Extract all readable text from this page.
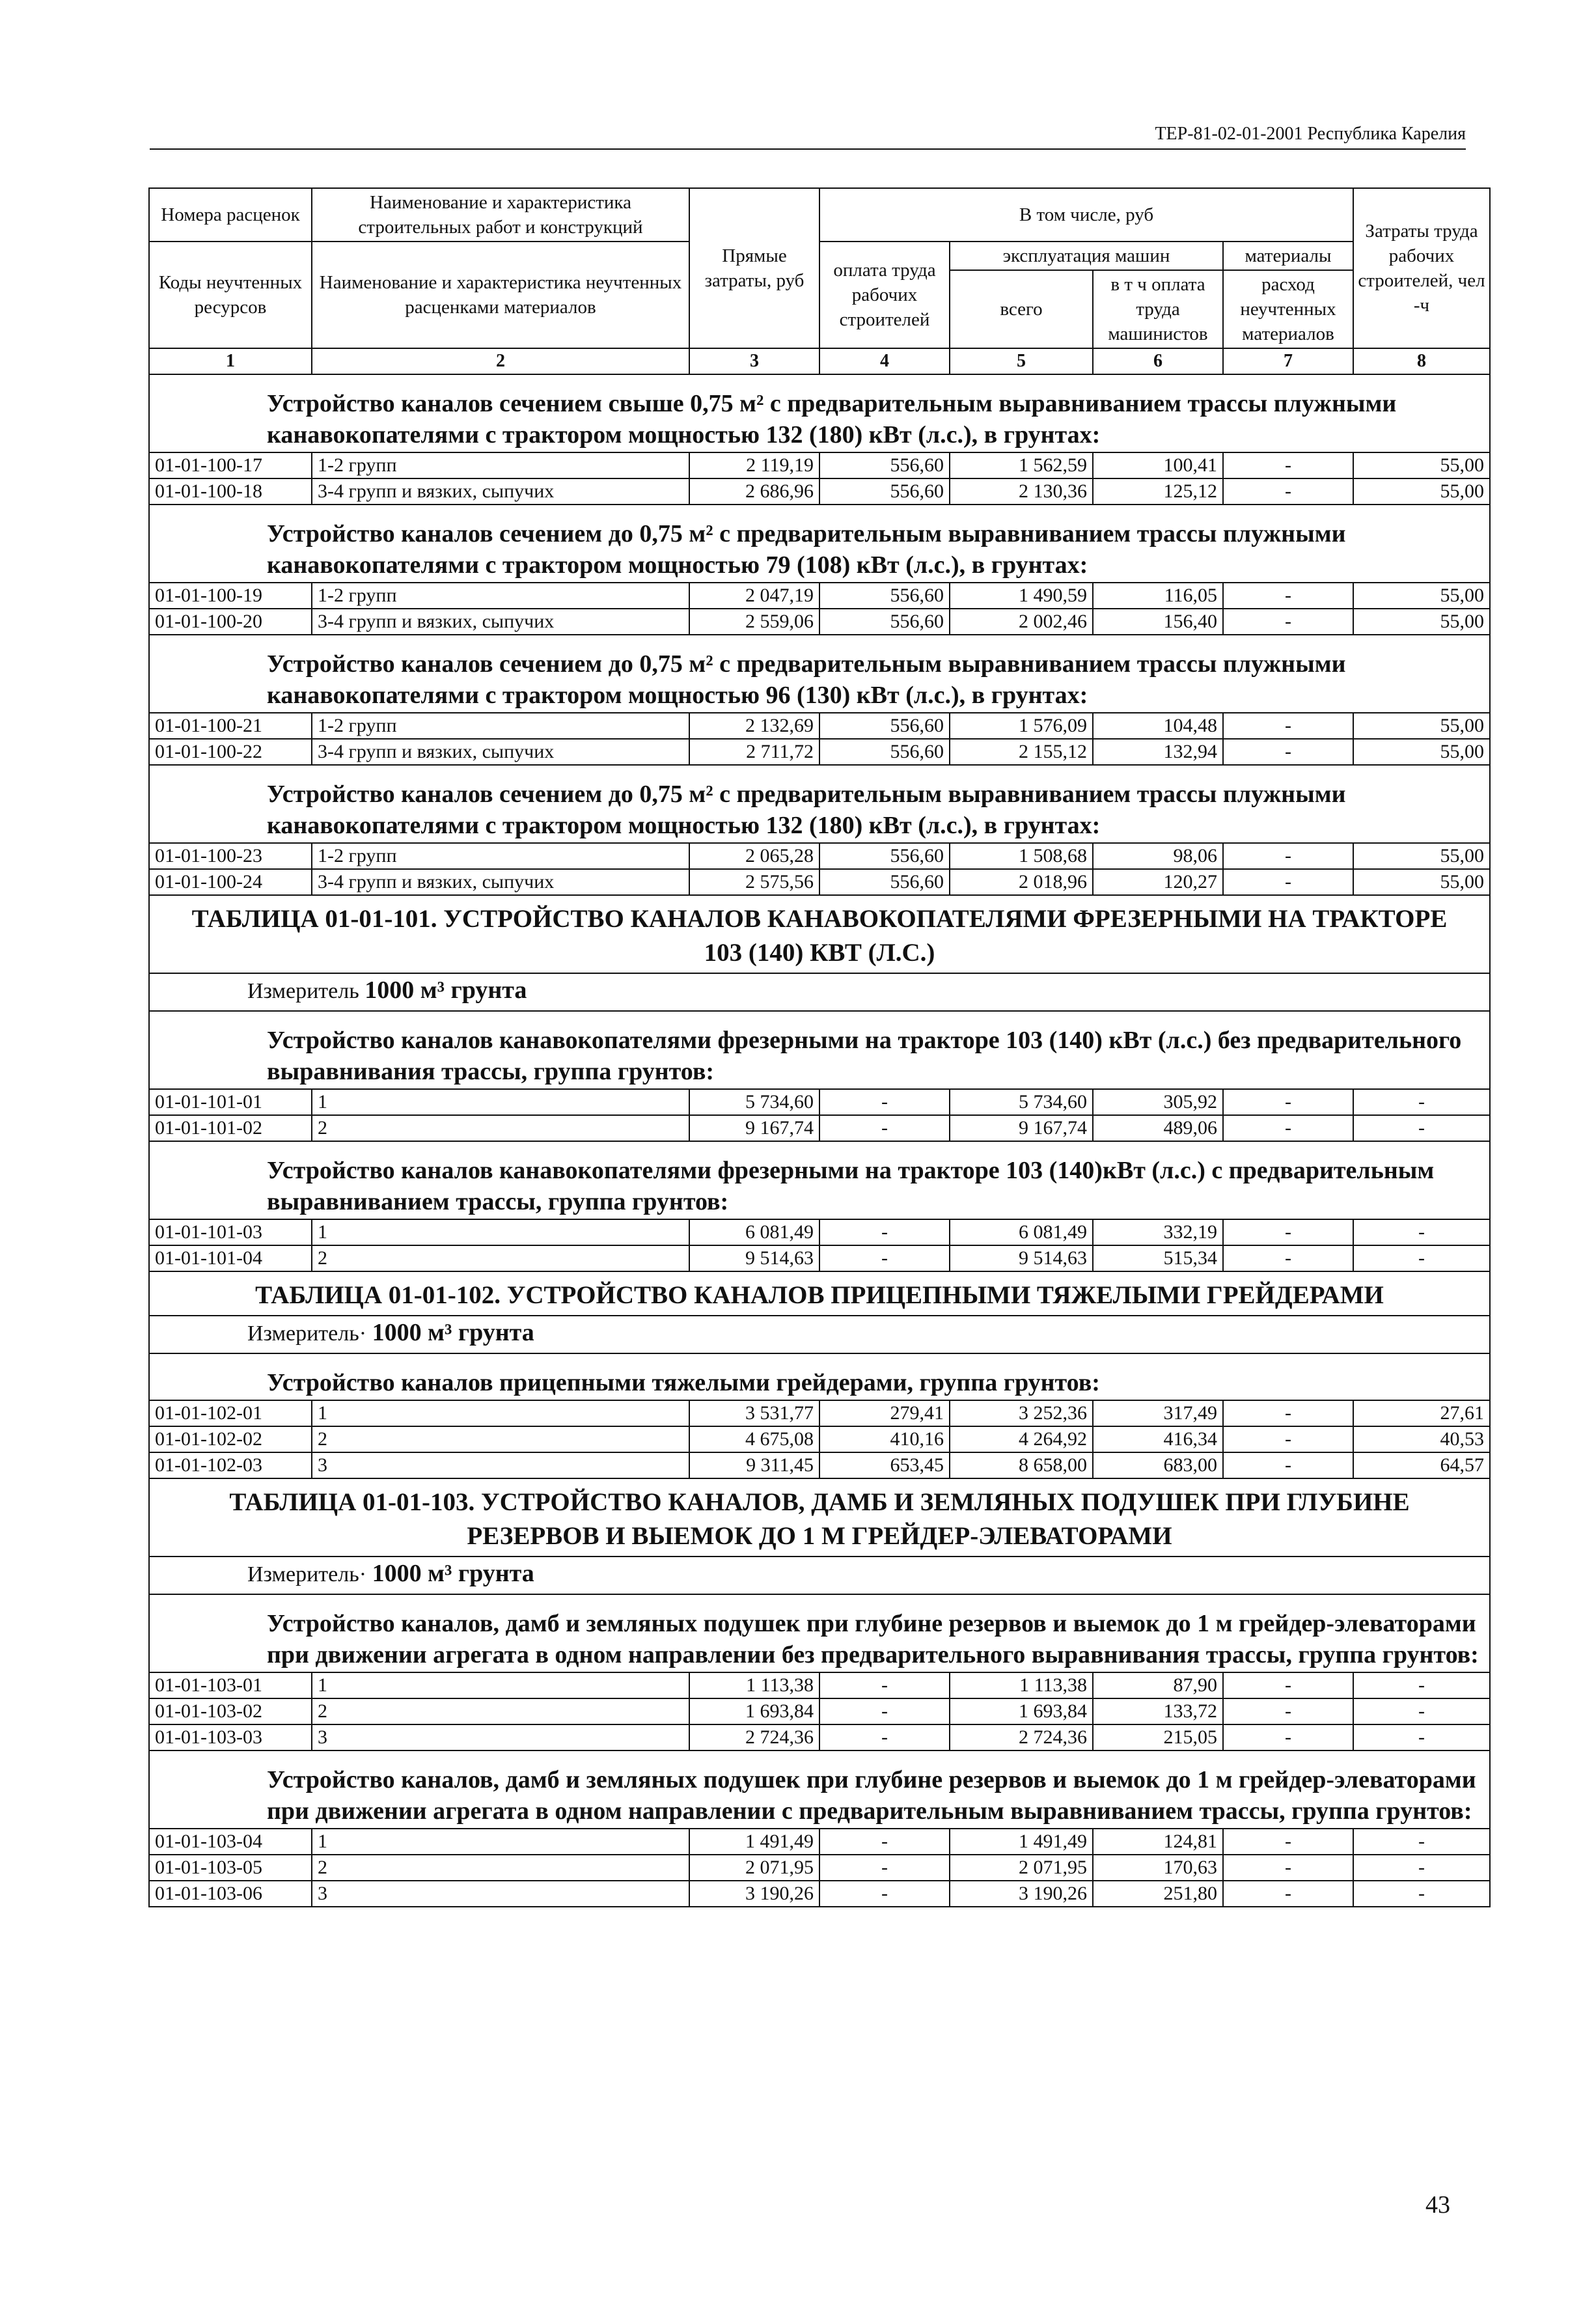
ТЕР-81-02-01-2001 Республика Карелия
Номера расценок	Наименование и характеристика строительных работ и конструкций	Прямые затраты, руб	В том числе, руб				Затраты труда рабочих строителей, чел -ч
Коды неучтенных ресурсов	Наименование и характеристика неучтенных расценками материалов		оплата труда рабочих строителей	эксплуатация машин		материалы	
				всего	в т ч оплата труда машинистов	расход неучтенных материалов	
1	2	3	4	5	6	7	8
Устройство каналов сечением свыше 0,75 м² с предварительным выравниванием трассы плужными канавокопателями с трактором мощностью 132 (180) кВт (л.с.), в грунтах:							
01-01-100-17	1-2 групп	2 119,19	556,60	1 562,59	100,41	-	55,00
01-01-100-18	3-4 групп и вязких, сыпучих	2 686,96	556,60	2 130,36	125,12	-	55,00
Устройство каналов сечением до 0,75 м² с предварительным выравниванием трассы плужными канавокопателями с трактором мощностью 79 (108) кВт (л.с.), в грунтах:							
01-01-100-19	1-2 групп	2 047,19	556,60	1 490,59	116,05	-	55,00
01-01-100-20	3-4 групп и вязких, сыпучих	2 559,06	556,60	2 002,46	156,40	-	55,00
Устройство каналов сечением до 0,75 м² с предварительным выравниванием трассы плужными канавокопателями с трактором мощностью 96 (130) кВт (л.с.), в грунтах:							
01-01-100-21	1-2 групп	2 132,69	556,60	1 576,09	104,48	-	55,00
01-01-100-22	3-4 групп и вязких, сыпучих	2 711,72	556,60	2 155,12	132,94	-	55,00
Устройство каналов сечением до 0,75 м² с предварительным выравниванием трассы плужными канавокопателями с трактором мощностью 132 (180) кВт (л.с.), в грунтах:							
01-01-100-23	1-2 групп	2 065,28	556,60	1 508,68	98,06	-	55,00
01-01-100-24	3-4 групп и вязких, сыпучих	2 575,56	556,60	2 018,96	120,27	-	55,00
ТАБЛИЦА 01-01-101. УСТРОЙСТВО КАНАЛОВ КАНАВОКОПАТЕЛЯМИ ФРЕЗЕРНЫМИ НА ТРАКТОРЕ 103 (140) КВТ (Л.С.)							
Измеритель 1000 м³ грунта							
Устройство каналов канавокопателями фрезерными на тракторе 103 (140) кВт (л.с.) без предварительного выравнивания трассы, группа грунтов:							
01-01-101-01	1	5 734,60	-	5 734,60	305,92	-	-
01-01-101-02	2	9 167,74	-	9 167,74	489,06	-	-
Устройство каналов канавокопателями фрезерными на тракторе 103 (140)кВт (л.с.) с предварительным выравниванием трассы, группа грунтов:							
01-01-101-03	1	6 081,49	-	6 081,49	332,19	-	-
01-01-101-04	2	9 514,63	-	9 514,63	515,34	-	-
ТАБЛИЦА 01-01-102. УСТРОЙСТВО КАНАЛОВ ПРИЦЕПНЫМИ ТЯЖЕЛЫМИ ГРЕЙДЕРАМИ							
Измеритель· 1000 м³ грунта							
Устройство каналов прицепными тяжелыми грейдерами, группа грунтов:							
01-01-102-01	1	3 531,77	279,41	3 252,36	317,49	-	27,61
01-01-102-02	2	4 675,08	410,16	4 264,92	416,34	-	40,53
01-01-102-03	3	9 311,45	653,45	8 658,00	683,00	-	64,57
ТАБЛИЦА 01-01-103. УСТРОЙСТВО КАНАЛОВ, ДАМБ И ЗЕМЛЯНЫХ ПОДУШЕК ПРИ ГЛУБИНЕ РЕЗЕРВОВ И ВЫЕМОК ДО 1 М ГРЕЙДЕР-ЭЛЕВАТОРАМИ							
Измеритель· 1000 м³ грунта							
Устройство каналов, дамб и земляных подушек при глубине резервов и выемок до 1 м грейдер-элеваторами при движении агрегата в одном направлении без предварительного выравнивания трассы, группа грунтов:							
01-01-103-01	1	1 113,38	-	1 113,38	87,90	-	-
01-01-103-02	2	1 693,84	-	1 693,84	133,72	-	-
01-01-103-03	3	2 724,36	-	2 724,36	215,05	-	-
Устройство каналов, дамб и земляных подушек при глубине резервов и выемок до 1 м грейдер-элеваторами при движении агрегата в одном направлении с предварительным выравниванием трассы, группа грунтов:							
01-01-103-04	1	1 491,49	-	1 491,49	124,81	-	-
01-01-103-05	2	2 071,95	-	2 071,95	170,63	-	-
01-01-103-06	3	3 190,26	-	3 190,26	251,80	-	-
43
